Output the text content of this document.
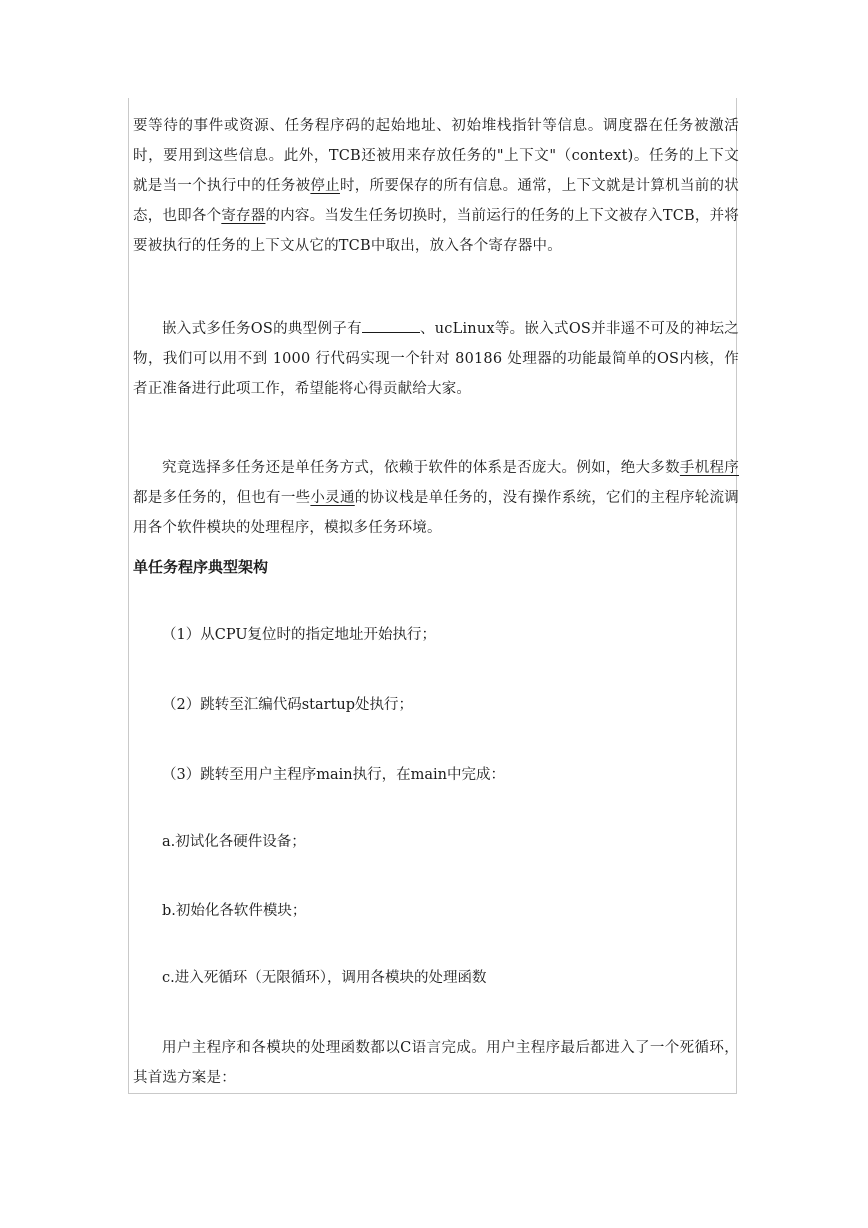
要等待的事件或资源、任务程序码的起始地址、初始堆栈指针等信息。调度器在任务被激活时，要用到这些信息。此外，TCB还被用来存放任务的"上下文"（context)。任务的上下文就是当一个执行中的任务被停止时，所要保存的所有信息。通常，上下文就是计算机当前的状态，也即各个寄存器的内容。当发生任务切换时，当前运行的任务的上下文被存入TCB，并将要被执行的任务的上下文从它的TCB中取出，放入各个寄存器中。
嵌入式多任务OS的典型例子有	、ucLinux等。嵌入式OS并非遥不可及的神坛之物，我们可以用不到 1000 行代码实现一个针对 80186 处理器的功能最简单的OS内核，作者正准备进行此项工作，希望能将心得贡献给大家。
究竟选择多任务还是单任务方式，依赖于软件的体系是否庞大。例如，绝大多数手机程序都是多任务的，但也有一些小灵通的协议栈是单任务的，没有操作系统，它们的主程序轮流调用各个软件模块的处理程序，模拟多任务环境。
单任务程序典型架构
（1）从CPU复位时的指定地址开始执行；
（2）跳转至汇编代码startup处执行；
（3）跳转至用户主程序main执行，在main中完成：
a.初试化各硬件设备；
b.初始化各软件模块；
c.进入死循环（无限循环），调用各模块的处理函数
用户主程序和各模块的处理函数都以C语言完成。用户主程序最后都进入了一个死循环，其首选方案是：
